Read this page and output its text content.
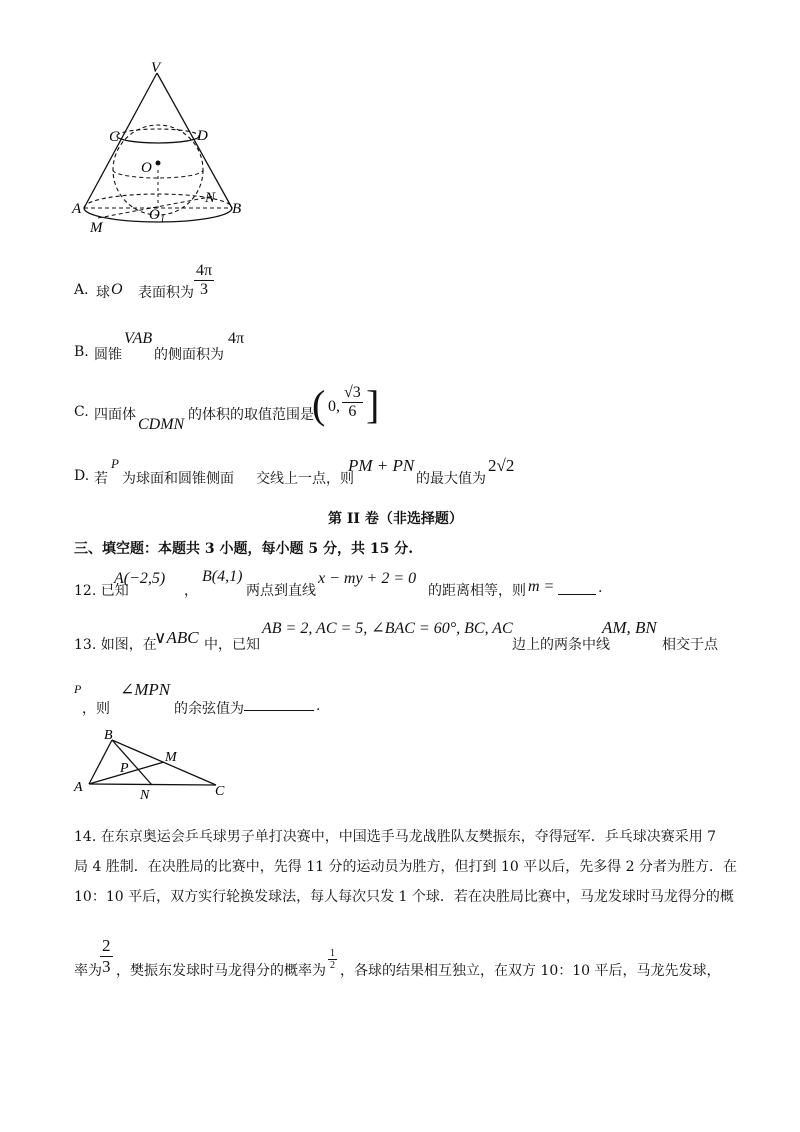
V
C	D
O
A	B
N
O 1
M
A. 球 O 表面积为 $\frac{4\pi}{3}$
B. 圆锥
VAB
的侧面积为
4π
C. 四面体
CDMN
的体积的取值范围是
( 0, $\frac{√3}{6}$ ]
D. 若
P
为球面和圆锥侧面 交线上一点，则
PM + PN
的最大值为
2√2
第 II 卷（非选择题）
三、填空题：本题共 3 小题，每小题 5 分，共 15 分.
12. 已知
A(−2,5)
，
B(4,1)
两点到直线
x − my + 2 = 0
的距离相等，则 m =	.
13. 如图，在
∨ABC 中，已知
AB = 2, AC = 5, ∠BAC = 60°, BC, AC
边上的两条中线
AM, BN
相交于点
P
，则
∠MPN
的余弦值为	.
B
M
P
A
N	C
14. 在东京奥运会乒乓球男子单打决赛中，中国选手马龙战胜队友樊振东，夺得冠军．乒乓球决赛采用 7
局 4 胜制．在决胜局的比赛中，先得 11 分的运动员为胜方，但打到 10 平以后，先多得 2 分者为胜方．在
10：10 平后，双方实行轮换发球法，每人每次只发 1 个球．若在决胜局比赛中，马龙发球时马龙得分的概
率为
$\frac{2}{3}$ ，樊振东发球时马龙得分的概率为 $\frac{1}{2}$ ，各球的结果相互独立，在双方 10：10 平后，马龙先发球，
